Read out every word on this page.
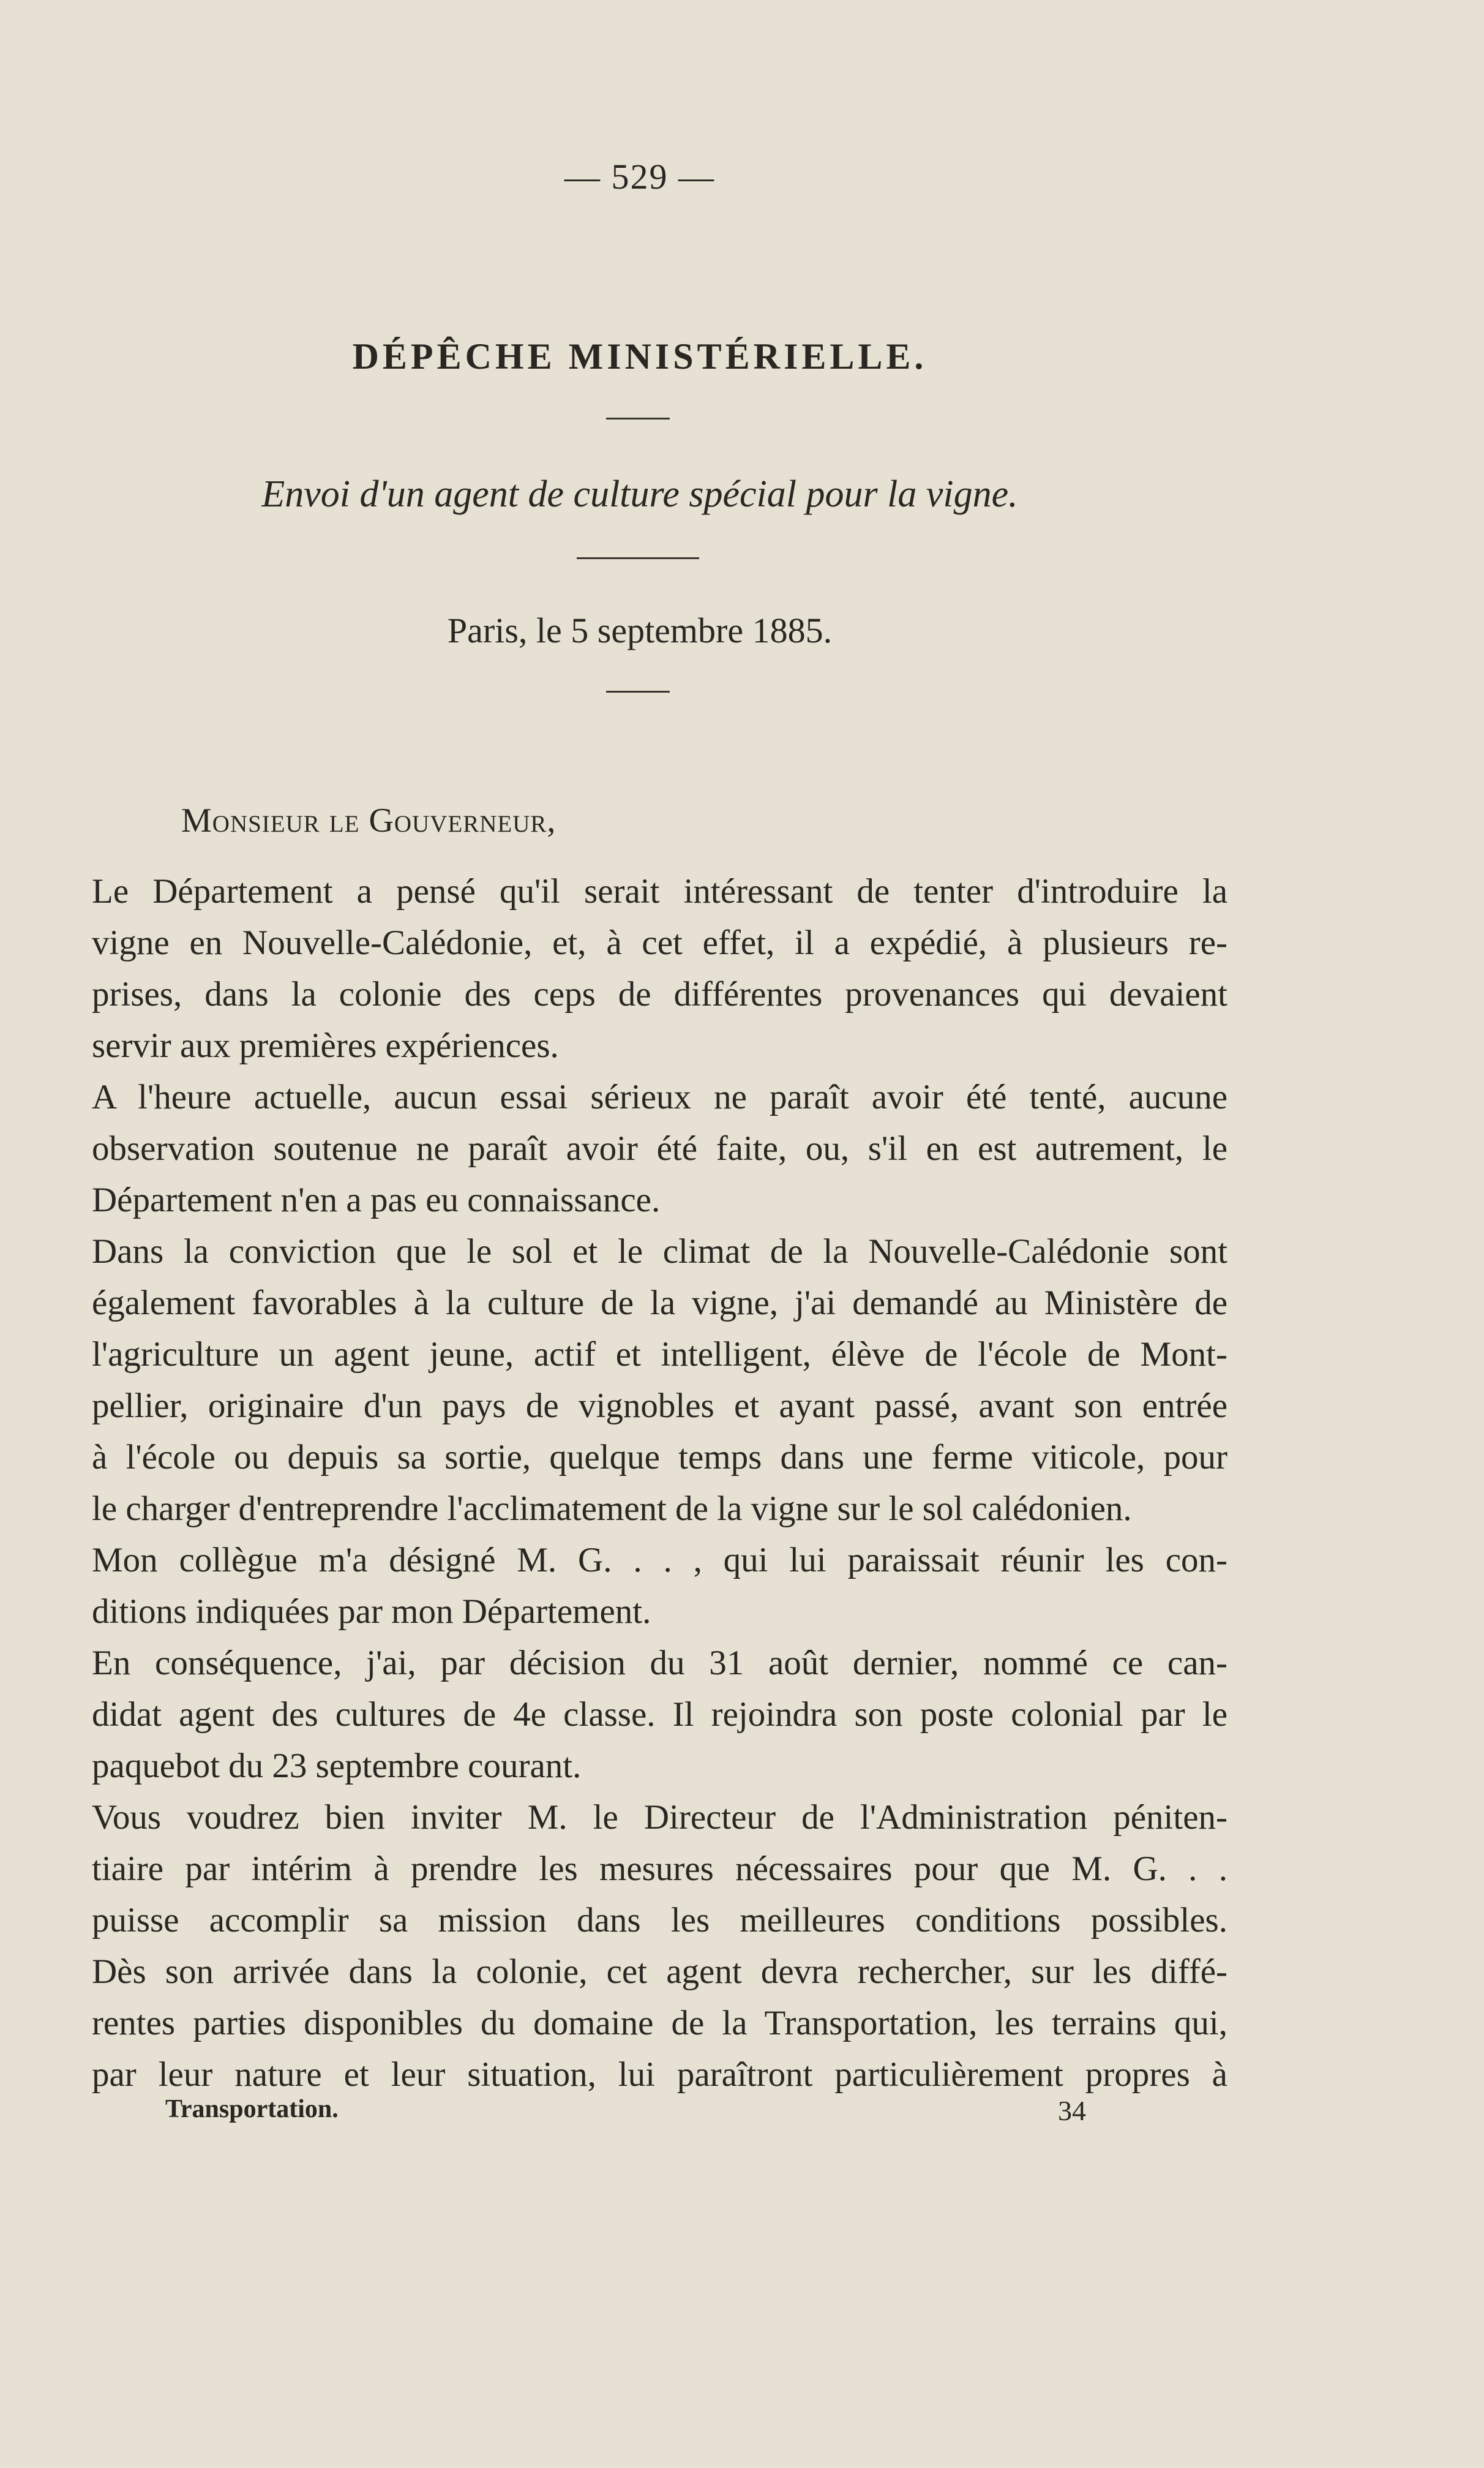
— 529 —
DÉPÊCHE MINISTÉRIELLE.
Envoi d'un agent de culture spécial pour la vigne.
Paris, le 5 septembre 1885.
Monsieur le Gouverneur,

Le Département a pensé qu'il serait intéressant de tenter d'introduire la
vigne en Nouvelle-Calédonie, et, à cet effet, il a expédié, à plusieurs re-
prises, dans la colonie des ceps de différentes provenances qui devaient
servir aux premières expériences.

A l'heure actuelle, aucun essai sérieux ne paraît avoir été tenté, aucune
observation soutenue ne paraît avoir été faite, ou, s'il en est autrement, le
Département n'en a pas eu connaissance.

Dans la conviction que le sol et le climat de la Nouvelle-Calédonie sont
également favorables à la culture de la vigne, j'ai demandé au Ministère de
l'agriculture un agent jeune, actif et intelligent, élève de l'école de Mont-
pellier, originaire d'un pays de vignobles et ayant passé, avant son entrée
à l'école ou depuis sa sortie, quelque temps dans une ferme viticole, pour
le charger d'entreprendre l'acclimatement de la vigne sur le sol calédonien.

Mon collègue m'a désigné M. G. . . , qui lui paraissait réunir les con-
ditions indiquées par mon Département.

En conséquence, j'ai, par décision du 31 août dernier, nommé ce can-
didat agent des cultures de 4e classe. Il rejoindra son poste colonial par le
paquebot du 23 septembre courant.

Vous voudrez bien inviter M. le Directeur de l'Administration péniten-
tiaire par intérim à prendre les mesures nécessaires pour que M. G. . .
puisse accomplir sa mission dans les meilleures conditions possibles.
Dès son arrivée dans la colonie, cet agent devra rechercher, sur les diffé-
rentes parties disponibles du domaine de la Transportation, les terrains qui,
par leur nature et leur situation, lui paraîtront particulièrement propres à

Transportation.	34
